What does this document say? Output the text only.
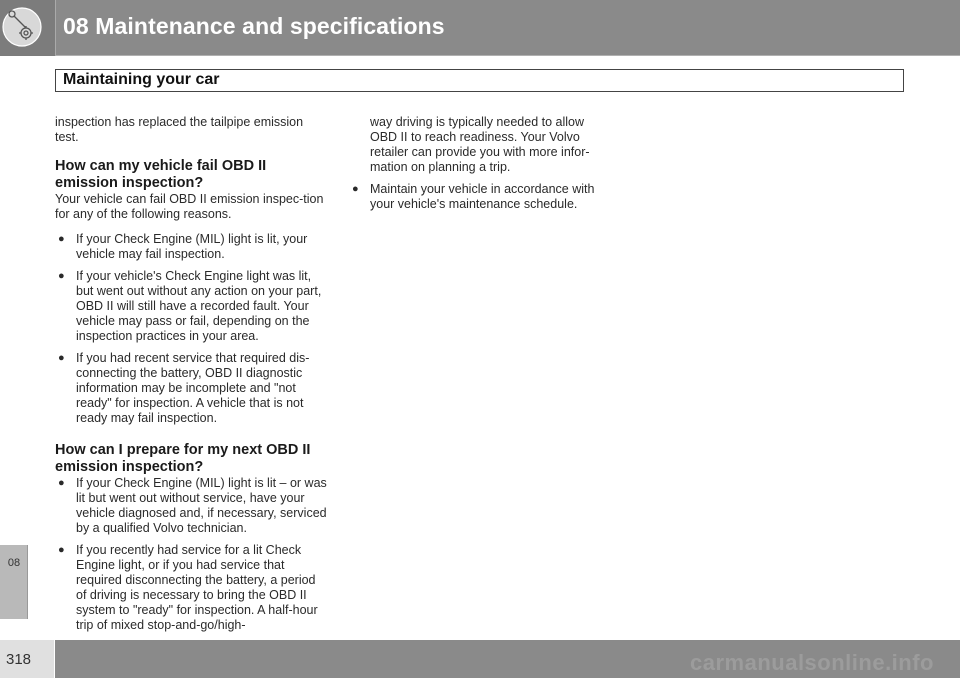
08 Maintenance and specifications
Maintaining your car

inspection has replaced the tailpipe emission test.

How can my vehicle fail OBD II emission inspection?

Your vehicle can fail OBD II emission inspec-tion for any of the following reasons.

● If your Check Engine (MIL) light is lit, your vehicle may fail inspection.
● If your vehicle's Check Engine light was lit, but went out without any action on your part, OBD II will still have a recorded fault. Your vehicle may pass or fail, depending on the inspection practices in your area.
● If you had recent service that required dis-connecting the battery, OBD II diagnostic information may be incomplete and "not ready" for inspection. A vehicle that is not ready may fail inspection.
How can I prepare for my next OBD II emission inspection?
● If your Check Engine (MIL) light is lit – or was lit but went out without service, have your vehicle diagnosed and, if necessary, serviced by a qualified Volvo technician.
● If you recently had service for a lit Check Engine light, or if you had service that required disconnecting the battery, a period of driving is necessary to bring the OBD II system to "ready" for inspection. A half-hour trip of mixed stop-and-go/high-
way driving is typically needed to allow OBD II to reach readiness. Your Volvo retailer can provide you with more infor-mation on planning a trip.
● Maintain your vehicle in accordance with your vehicle's maintenance schedule.
08
318	carmanualsonline.info
